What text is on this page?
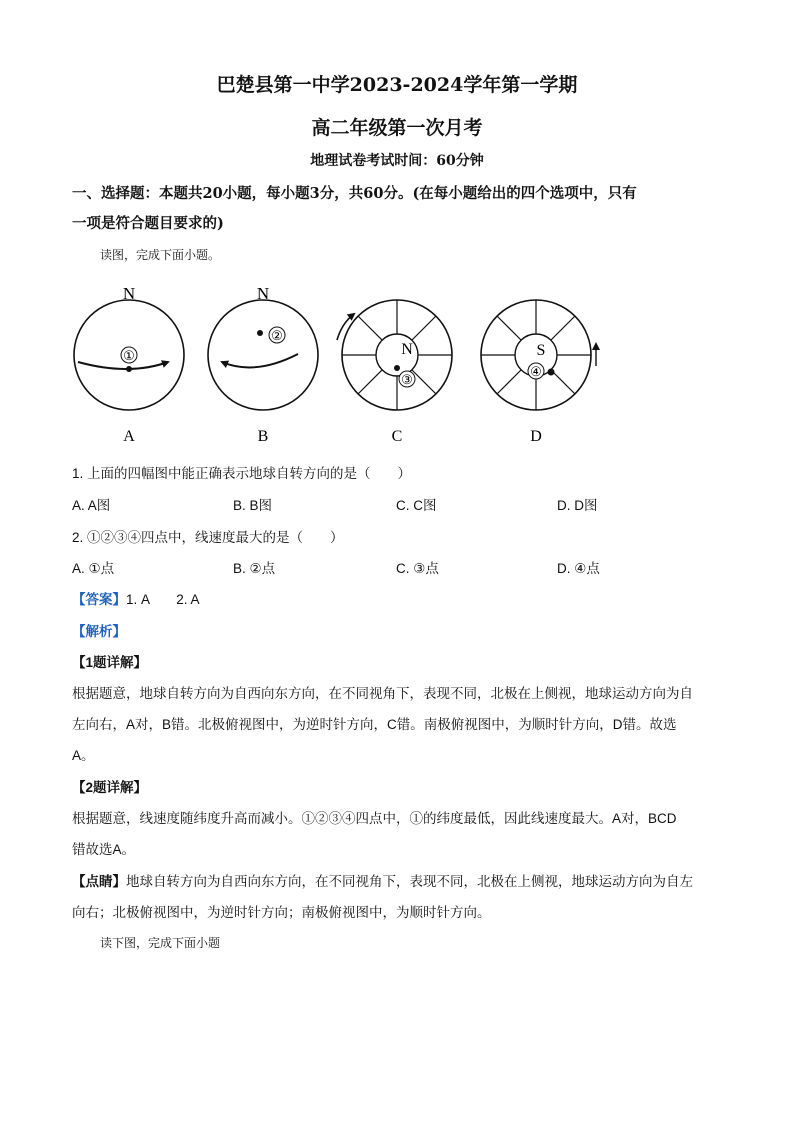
巴楚县第一中学2023-2024学年第一学期
高二年级第一次月考
地理试卷考试时间：60分钟
一、选择题：本题共20小题，每小题3分，共60分。(在每小题给出的四个选项中，只有
一项是符合题目要求的)
读图，完成下面小题。
N
①
A
N
②
B
N
③
C
S
④
D
1. 上面的四幅图中能正确表示地球自转方向的是（　　）
A. A图	B. B图	C. C图	D. D图
2. ①②③④四点中，线速度最大的是（　　）
A. ①点	B. ②点	C. ③点	D. ④点
【答案】1. A　　2. A
【解析】
【1题详解】
根据题意，地球自转方向为自西向东方向，在不同视角下，表现不同，北极在上侧视，地球运动方向为自
左向右，A对，B错。北极俯视图中，为逆时针方向，C错。南极俯视图中，为顺时针方向，D错。故选
A。
【2题详解】
根据题意，线速度随纬度升高而减小。①②③④四点中，①的纬度最低，因此线速度最大。A对，BCD
错故选A。
【点睛】地球自转方向为自西向东方向，在不同视角下，表现不同，北极在上侧视，地球运动方向为自左
向右；北极俯视图中，为逆时针方向；南极俯视图中，为顺时针方向。
读下图，完成下面小题
